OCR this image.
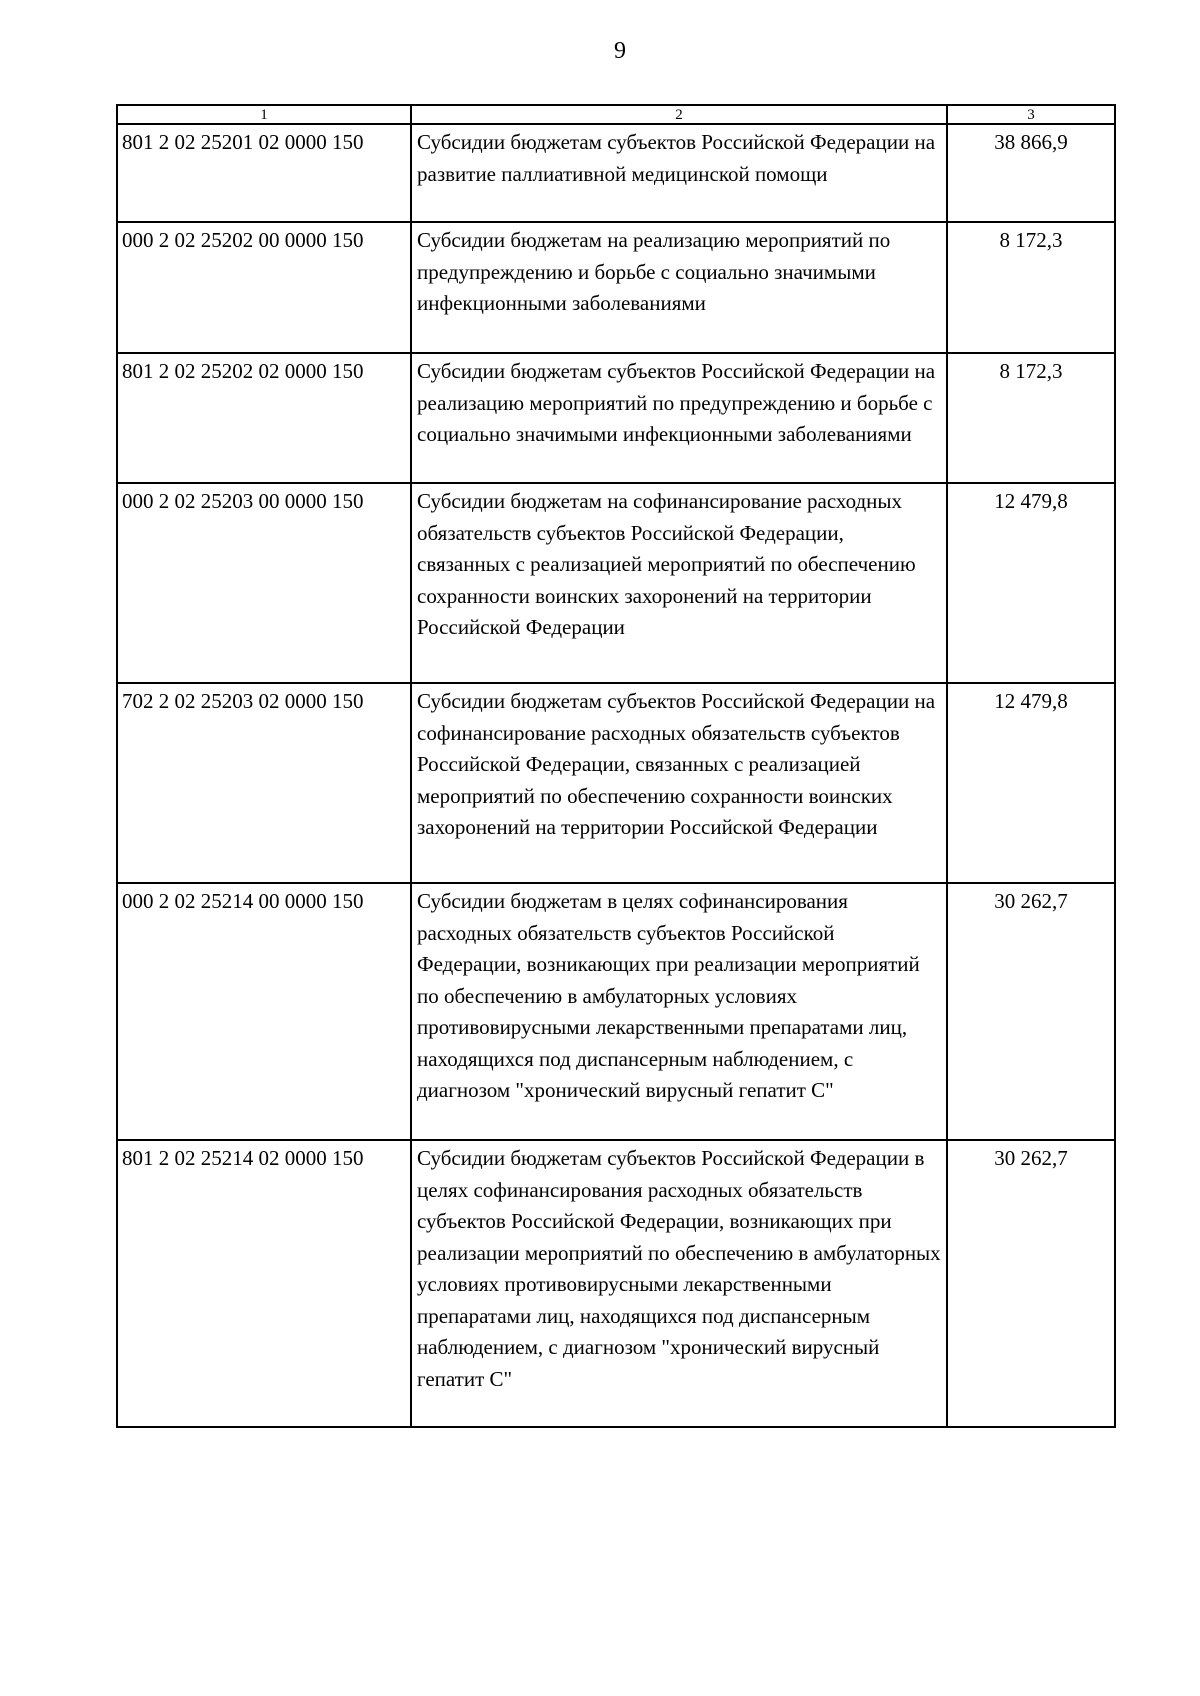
9
1	2	3
801 2 02 25201 02 0000 150	Субсидии бюджетам субъектов Российской Федерации на развитие паллиативной медицинской помощи	38 866,9
000 2 02 25202 00 0000 150	Субсидии бюджетам на реализацию мероприятий по предупреждению и борьбе с социально значимыми инфекционными заболеваниями	8 172,3
801 2 02 25202 02 0000 150	Субсидии бюджетам субъектов Российской Федерации на реализацию мероприятий по предупреждению и борьбе с социально значимыми инфекционными заболеваниями	8 172,3
000 2 02 25203 00 0000 150	Субсидии бюджетам на софинансирование расходных обязательств субъектов Российской Федерации, связанных с реализацией мероприятий по обеспечению сохранности воинских захоронений на территории Российской Федерации	12 479,8
702 2 02 25203 02 0000 150	Субсидии бюджетам субъектов Российской Федерации на софинансирование расходных обязательств субъектов Российской Федерации, связанных с реализацией мероприятий по обеспечению сохранности воинских захоронений на территории Российской Федерации	12 479,8
000 2 02 25214 00 0000 150	Субсидии бюджетам в целях софинансирования расходных обязательств субъектов Российской Федерации, возникающих при реализации мероприятий по обеспечению в амбулаторных условиях противовирусными лекарственными препаратами лиц, находящихся под диспансерным наблюдением, с диагнозом "хронический вирусный гепатит С"	30 262,7
801 2 02 25214 02 0000 150	Субсидии бюджетам субъектов Российской Федерации в целях софинансирования расходных обязательств субъектов Российской Федерации, возникающих при реализации мероприятий по обеспечению в амбулаторных условиях противовирусными лекарственными препаратами лиц, находящихся под диспансерным наблюдением, с диагнозом "хронический вирусный гепатит С"	30 262,7
